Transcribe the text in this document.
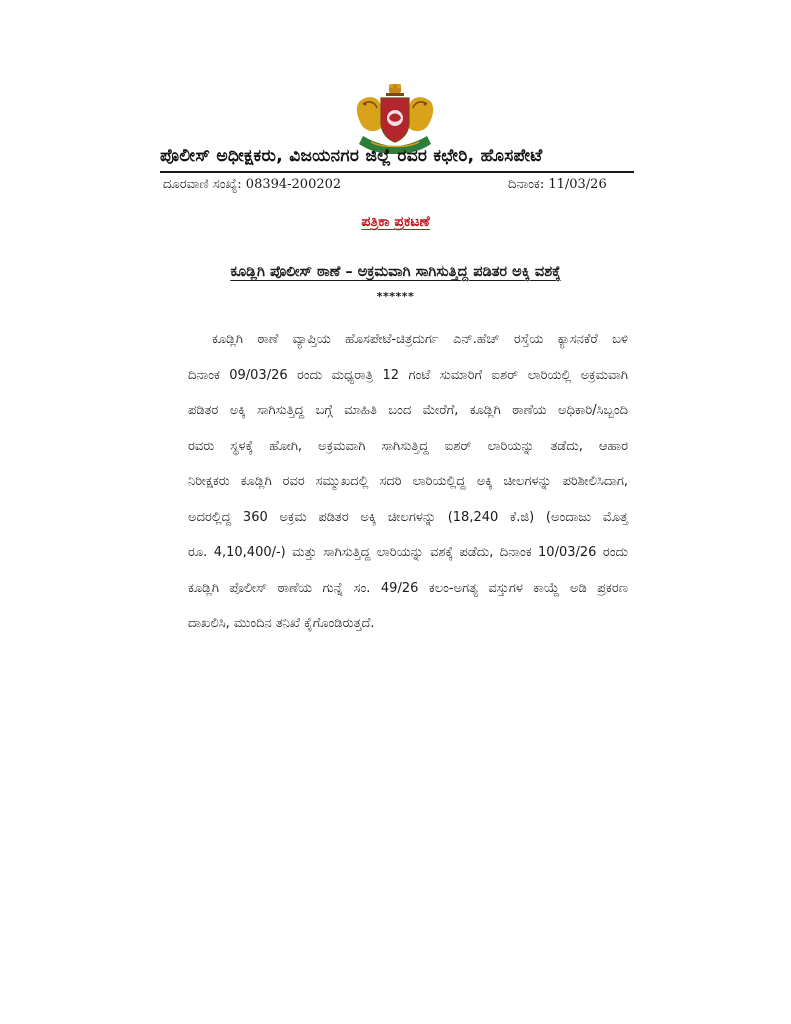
ಪೊಲೀಸ್ ಅಧೀಕ್ಷಕರು, ವಿಜಯನಗರ ಜಿಲ್ಲೆ ರವರ ಕಛೇರಿ, ಹೊಸಪೇಟೆ
ದೂರವಾಣಿ ಸಂಖ್ಯೆ: 08394-200202	ದಿನಾಂಕ: 11/03/26
ಪತ್ರಿಕಾ ಪ್ರಕಟಣೆ
ಕೂಡ್ಲಿಗಿ ಪೊಲೀಸ್ ಠಾಣೆ – ಅಕ್ರಮವಾಗಿ ಸಾಗಿಸುತ್ತಿದ್ದ ಪಡಿತರ ಅಕ್ಕಿ ವಶಕ್ಕೆ
******
ಕೂಡ್ಲಿಗಿ ಠಾಣೆ ವ್ಯಾಪ್ತಿಯ ಹೊಸಪೇಟೆ-ಚಿತ್ರದುರ್ಗ ಎನ್.ಹೆಚ್ ರಸ್ತೆಯ ಕ್ಯಾಸನಕೆರೆ ಬಳಿ
ದಿನಾಂಕ 09/03/26 ರಂದು ಮಧ್ಯರಾತ್ರಿ 12 ಗಂಟೆ ಸುಮಾರಿಗೆ ಐಶರ್ ಲಾರಿಯಲ್ಲಿ ಅಕ್ರಮವಾಗಿ
ಪಡಿತರ ಅಕ್ಕಿ ಸಾಗಿಸುತ್ತಿದ್ದ ಬಗ್ಗೆ ಮಾಹಿತಿ ಬಂದ ಮೇರೆಗೆ, ಕೂಡ್ಲಿಗಿ ಠಾಣೆಯ ಅಧಿಕಾರಿ/ಸಿಬ್ಬಂದಿ
ರವರು ಸ್ಥಳಕ್ಕೆ ಹೋಗಿ, ಅಕ್ರಮವಾಗಿ ಸಾಗಿಸುತ್ತಿದ್ದ ಐಶರ್ ಲಾರಿಯನ್ನು ತಡೆದು, ಆಹಾರ
ನಿರೀಕ್ಷಕರು ಕೂಡ್ಲಿಗಿ ರವರ ಸಮ್ಮುಖದಲ್ಲಿ ಸದರಿ ಲಾರಿಯಲ್ಲಿದ್ದ ಅಕ್ಕಿ ಚೀಲಗಳನ್ನು ಪರಿಶೀಲಿಸಿದಾಗ,
ಅದರಲ್ಲಿದ್ದ 360 ಅಕ್ರಮ ಪಡಿತರ ಅಕ್ಕಿ ಚೀಲಗಳನ್ನು (18,240 ಕೆ.ಜಿ) (ಅಂದಾಜು ಮೊತ್ತ
ರೂ. 4,10,400/-) ಮತ್ತು ಸಾಗಿಸುತ್ತಿದ್ದ ಲಾರಿಯನ್ನು ವಶಕ್ಕೆ ಪಡೆದು, ದಿನಾಂಕ 10/03/26 ರಂದು
ಕೂಡ್ಲಿಗಿ ಪೊಲೀಸ್ ಠಾಣೆಯ ಗುನ್ನೆ ಸಂ. 49/26 ಕಲಂ-ಅಗತ್ಯ ವಸ್ತುಗಳ ಕಾಯ್ದೆ ಅಡಿ ಪ್ರಕರಣ
ದಾಖಲಿಸಿ, ಮುಂದಿನ ತನಿಖೆ ಕೈಗೊಂಡಿರುತ್ತದೆ.
